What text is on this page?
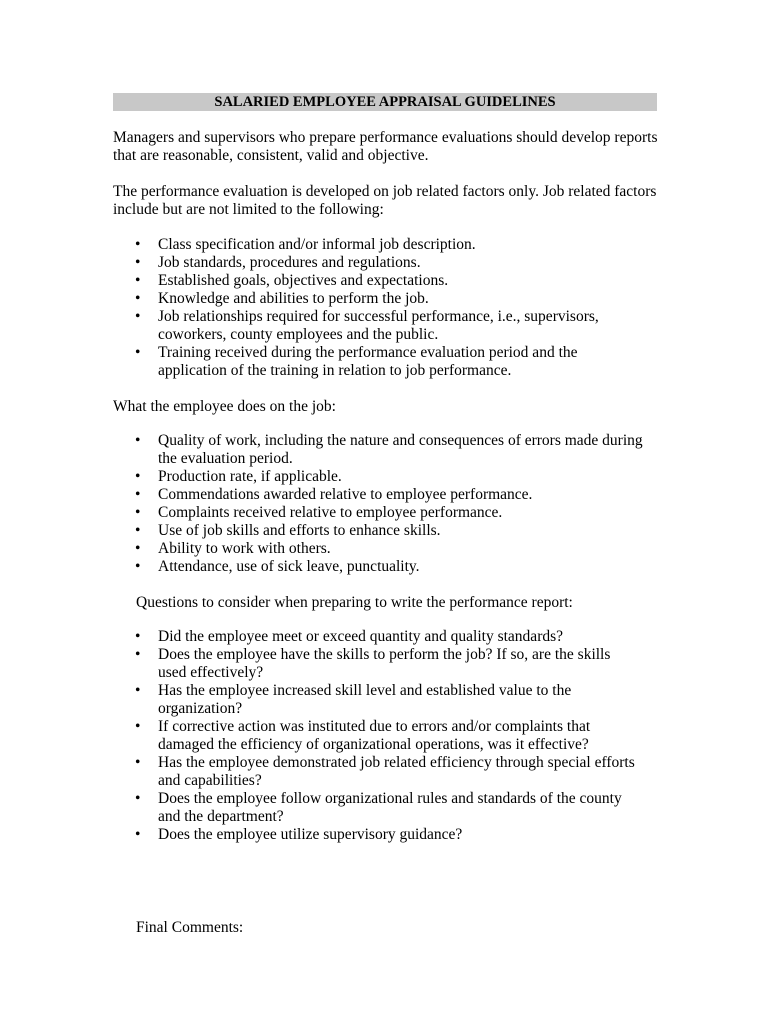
SALARIED EMPLOYEE APPRAISAL GUIDELINES
Managers and supervisors who prepare performance evaluations should develop reports
that are reasonable, consistent, valid and objective.
The performance evaluation is developed on job related factors only. Job related factors
include but are not limited to the following:
• Class specification and/or informal job description.
• Job standards, procedures and regulations.
• Established goals, objectives and expectations.
• Knowledge and abilities to perform the job.
• Job relationships required for successful performance, i.e., supervisors,
coworkers, county employees and the public.
• Training received during the performance evaluation period and the
application of the training in relation to job performance.
What the employee does on the job:
• Quality of work, including the nature and consequences of errors made during
the evaluation period.
• Production rate, if applicable.
• Commendations awarded relative to employee performance.
• Complaints received relative to employee performance.
• Use of job skills and efforts to enhance skills.
• Ability to work with others.
• Attendance, use of sick leave, punctuality.
Questions to consider when preparing to write the performance report:
• Did the employee meet or exceed quantity and quality standards?
• Does the employee have the skills to perform the job? If so, are the skills
used effectively?
• Has the employee increased skill level and established value to the
organization?
• If corrective action was instituted due to errors and/or complaints that
damaged the efficiency of organizational operations, was it effective?
• Has the employee demonstrated job related efficiency through special efforts
and capabilities?
• Does the employee follow organizational rules and standards of the county
and the department?
• Does the employee utilize supervisory guidance?
Final Comments:
